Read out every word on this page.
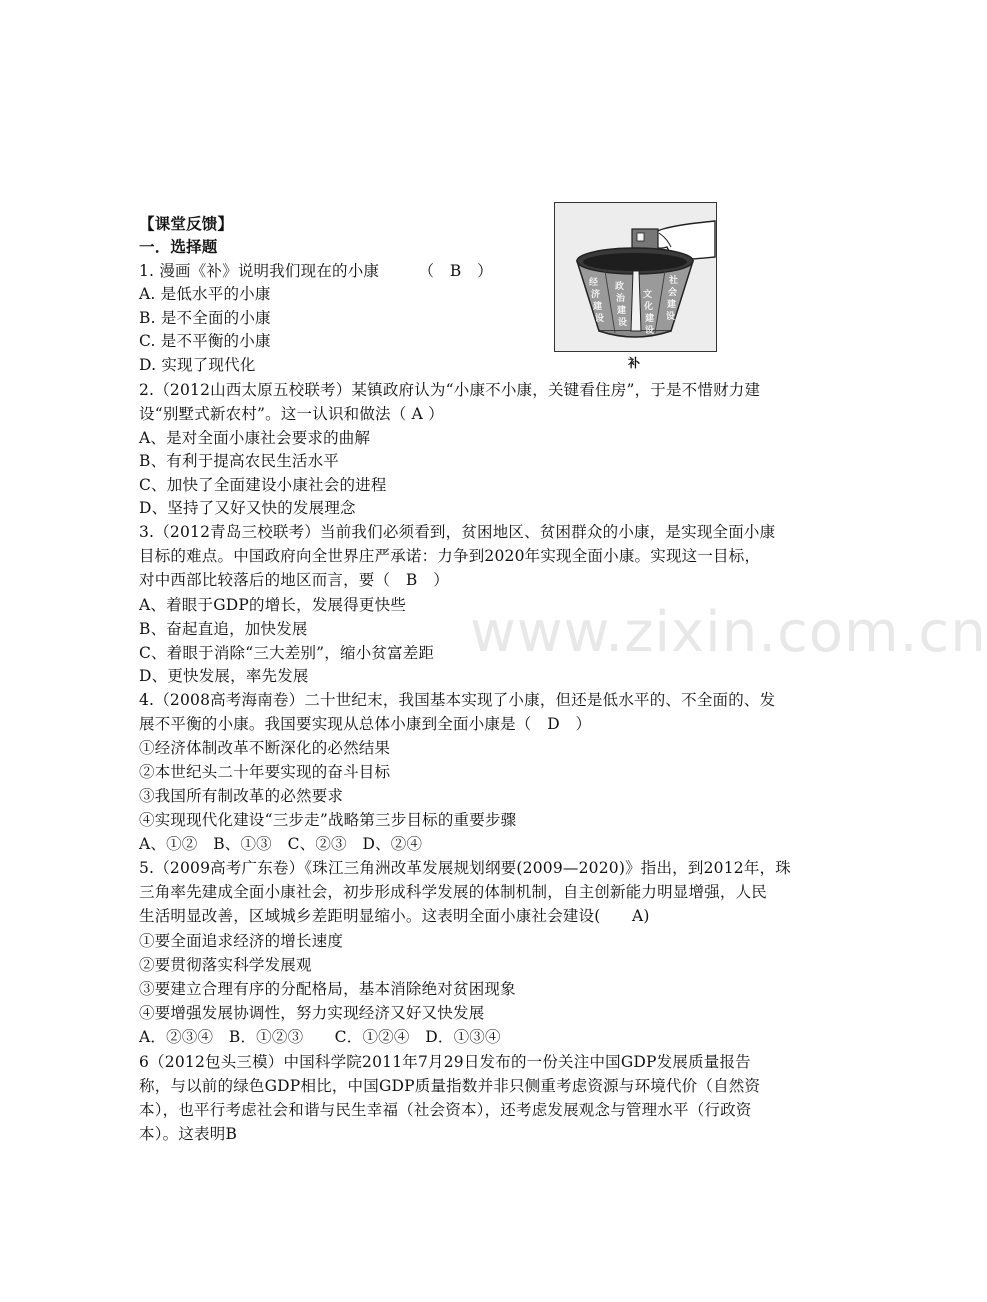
www.zixin.com.cn
【课堂反馈】
一．选择题
1. 漫画《补》说明我们现在的小康　　　（　B　）
A. 是低水平的小康
B. 是不全面的小康
C. 是不平衡的小康
D. 实现了现代化
2.（2012山西太原五校联考）某镇政府认为“小康不小康，关键看住房”，于是不惜财力建
设“别墅式新农村”。这一认识和做法（ A ）
A、是对全面小康社会要求的曲解
B、有利于提高农民生活水平
C、加快了全面建设小康社会的进程
D、坚持了又好又快的发展理念
3.（2012青岛三校联考）当前我们必须看到，贫困地区、贫困群众的小康，是实现全面小康
目标的难点。中国政府向全世界庄严承诺：力争到2020年实现全面小康。实现这一目标，
对中西部比较落后的地区而言，要（　B　）
A、着眼于GDP的增长，发展得更快些
B、奋起直追，加快发展
C、着眼于消除“三大差别”，缩小贫富差距
D、更快发展，率先发展
4.（2008高考海南卷）二十世纪末，我国基本实现了小康，但还是低水平的、不全面的、发
展不平衡的小康。我国要实现从总体小康到全面小康是（　D　）
①经济体制改革不断深化的必然结果
②本世纪头二十年要实现的奋斗目标
③我国所有制改革的必然要求
④实现现代化建设“三步走”战略第三步目标的重要步骤
A、①②　B、①③　C、②③　D、②④
5.（2009高考广东卷）《珠江三角洲改革发展规划纲要(2009—2020)》指出，到2012年，珠
三角率先建成全面小康社会，初步形成科学发展的体制机制，自主创新能力明显增强，人民
生活明显改善，区域城乡差距明显缩小。这表明全面小康社会建设(　　A)
①要全面追求经济的增长速度
②要贯彻落实科学发展观
③要建立合理有序的分配格局，基本消除绝对贫困现象
④要增强发展协调性，努力实现经济又好又快发展
A．②③④　B．①②③　　C．①②④　D．①③④
6（2012包头三模）中国科学院2011年7月29日发布的一份关注中国GDP发展质量报告
称，与以前的绿色GDP相比，中国GDP质量指数并非只侧重考虑资源与环境代价（自然资
本），也平行考虑社会和谐与民生幸福（社会资本），还考虑发展观念与管理水平（行政资
本）。这表明B
经
济
建
设
政
治
建
设
文
化
建
设
社
会
建
设
补
